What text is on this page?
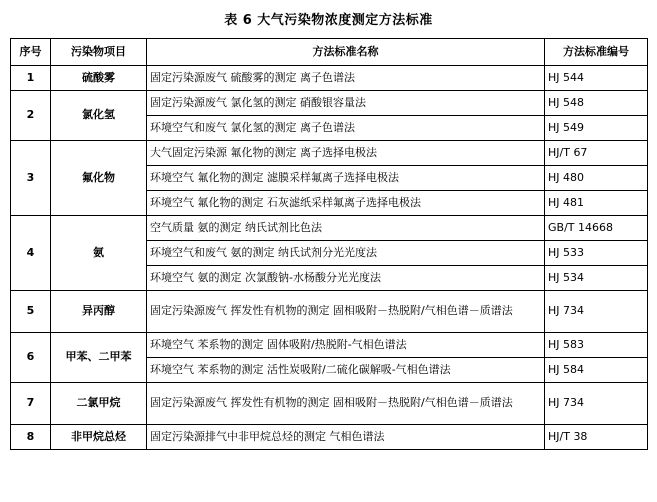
表 6 大气污染物浓度测定方法标准
序号	污染物项目	方法标准名称	方法标准编号
1	硫酸雾	固定污染源废气 硫酸雾的测定 离子色谱法	HJ 544
2	氯化氢	固定污染源废气 氯化氢的测定 硝酸银容量法	HJ 548
		环境空气和废气 氯化氢的测定 离子色谱法	HJ 549
3	氟化物	大气固定污染源 氟化物的测定 离子选择电极法	HJ/T 67
		环境空气 氟化物的测定 滤膜采样氟离子选择电极法	HJ 480
		环境空气 氟化物的测定 石灰滤纸采样氟离子选择电极法	HJ 481
4	氨	空气质量 氨的测定 纳氏试剂比色法	GB/T 14668
		环境空气和废气 氨的测定 纳氏试剂分光光度法	HJ 533
		环境空气 氨的测定 次氯酸钠-水杨酸分光光度法	HJ 534
5	异丙醇	固定污染源废气 挥发性有机物的测定 固相吸附－热脱附/气相色谱－质谱法	HJ 734
6	甲苯、二甲苯	环境空气 苯系物的测定 固体吸附/热脱附-气相色谱法	HJ 583
		环境空气 苯系物的测定 活性炭吸附/二硫化碳解吸-气相色谱法	HJ 584
7	二氯甲烷	固定污染源废气 挥发性有机物的测定 固相吸附－热脱附/气相色谱－质谱法	HJ 734
8	非甲烷总烃	固定污染源排气中非甲烷总烃的测定 气相色谱法	HJ/T 38
